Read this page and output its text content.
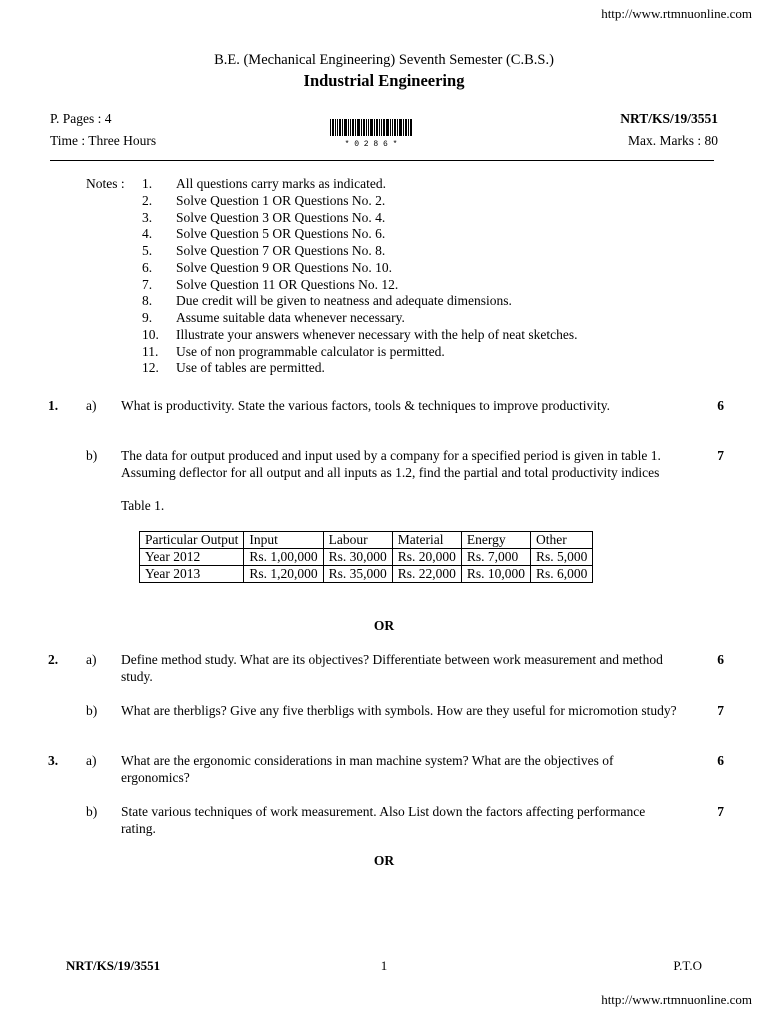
http://www.rtmnuonline.com
B.E. (Mechanical Engineering) Seventh Semester (C.B.S.)
Industrial Engineering
P. Pages : 4
Time : Three Hours
NRT/KS/19/3551
Max. Marks : 80
* 0 2 8 6 *
Notes :	1. All questions carry marks as indicated.
2. Solve Question 1 OR Questions No. 2.
3. Solve Question 3 OR Questions No. 4.
4. Solve Question 5 OR Questions No. 6.
5. Solve Question 7 OR Questions No. 8.
6. Solve Question 9 OR Questions No. 10.
7. Solve Question 11 OR Questions No. 12.
8. Due credit will be given to neatness and adequate dimensions.
9. Assume suitable data whenever necessary.
10. Illustrate your answers whenever necessary with the help of neat sketches.
11. Use of non programmable calculator is permitted.
12. Use of tables are permitted.
1. a) What is productivity. State the various factors, tools & techniques to improve productivity.	6
b) The data for output produced and input used by a company for a specified period is given in table 1. Assuming deflector for all output and all inputs as 1.2, find the partial and total productivity indices
Table 1.
7
Particular Output	Input	Labour	Material	Energy	Other
Year 2012	Rs. 1,00,000	Rs. 30,000	Rs. 20,000	Rs. 7,000	Rs. 5,000
Year 2013	Rs. 1,20,000	Rs. 35,000	Rs. 22,000	Rs. 10,000	Rs. 6,000
OR
2. a) Define method study. What are its objectives? Differentiate between work measurement and method study.
6
b) What are therbligs? Give any five therbligs with symbols. How are they useful for micromotion study?	7
3. a) What are the ergonomic considerations in man machine system? What are the objectives of ergonomics?
6
b) State various techniques of work measurement. Also List down the factors affecting performance rating.
7
OR
NRT/KS/19/3551	1	P.T.O
http://www.rtmnuonline.com
